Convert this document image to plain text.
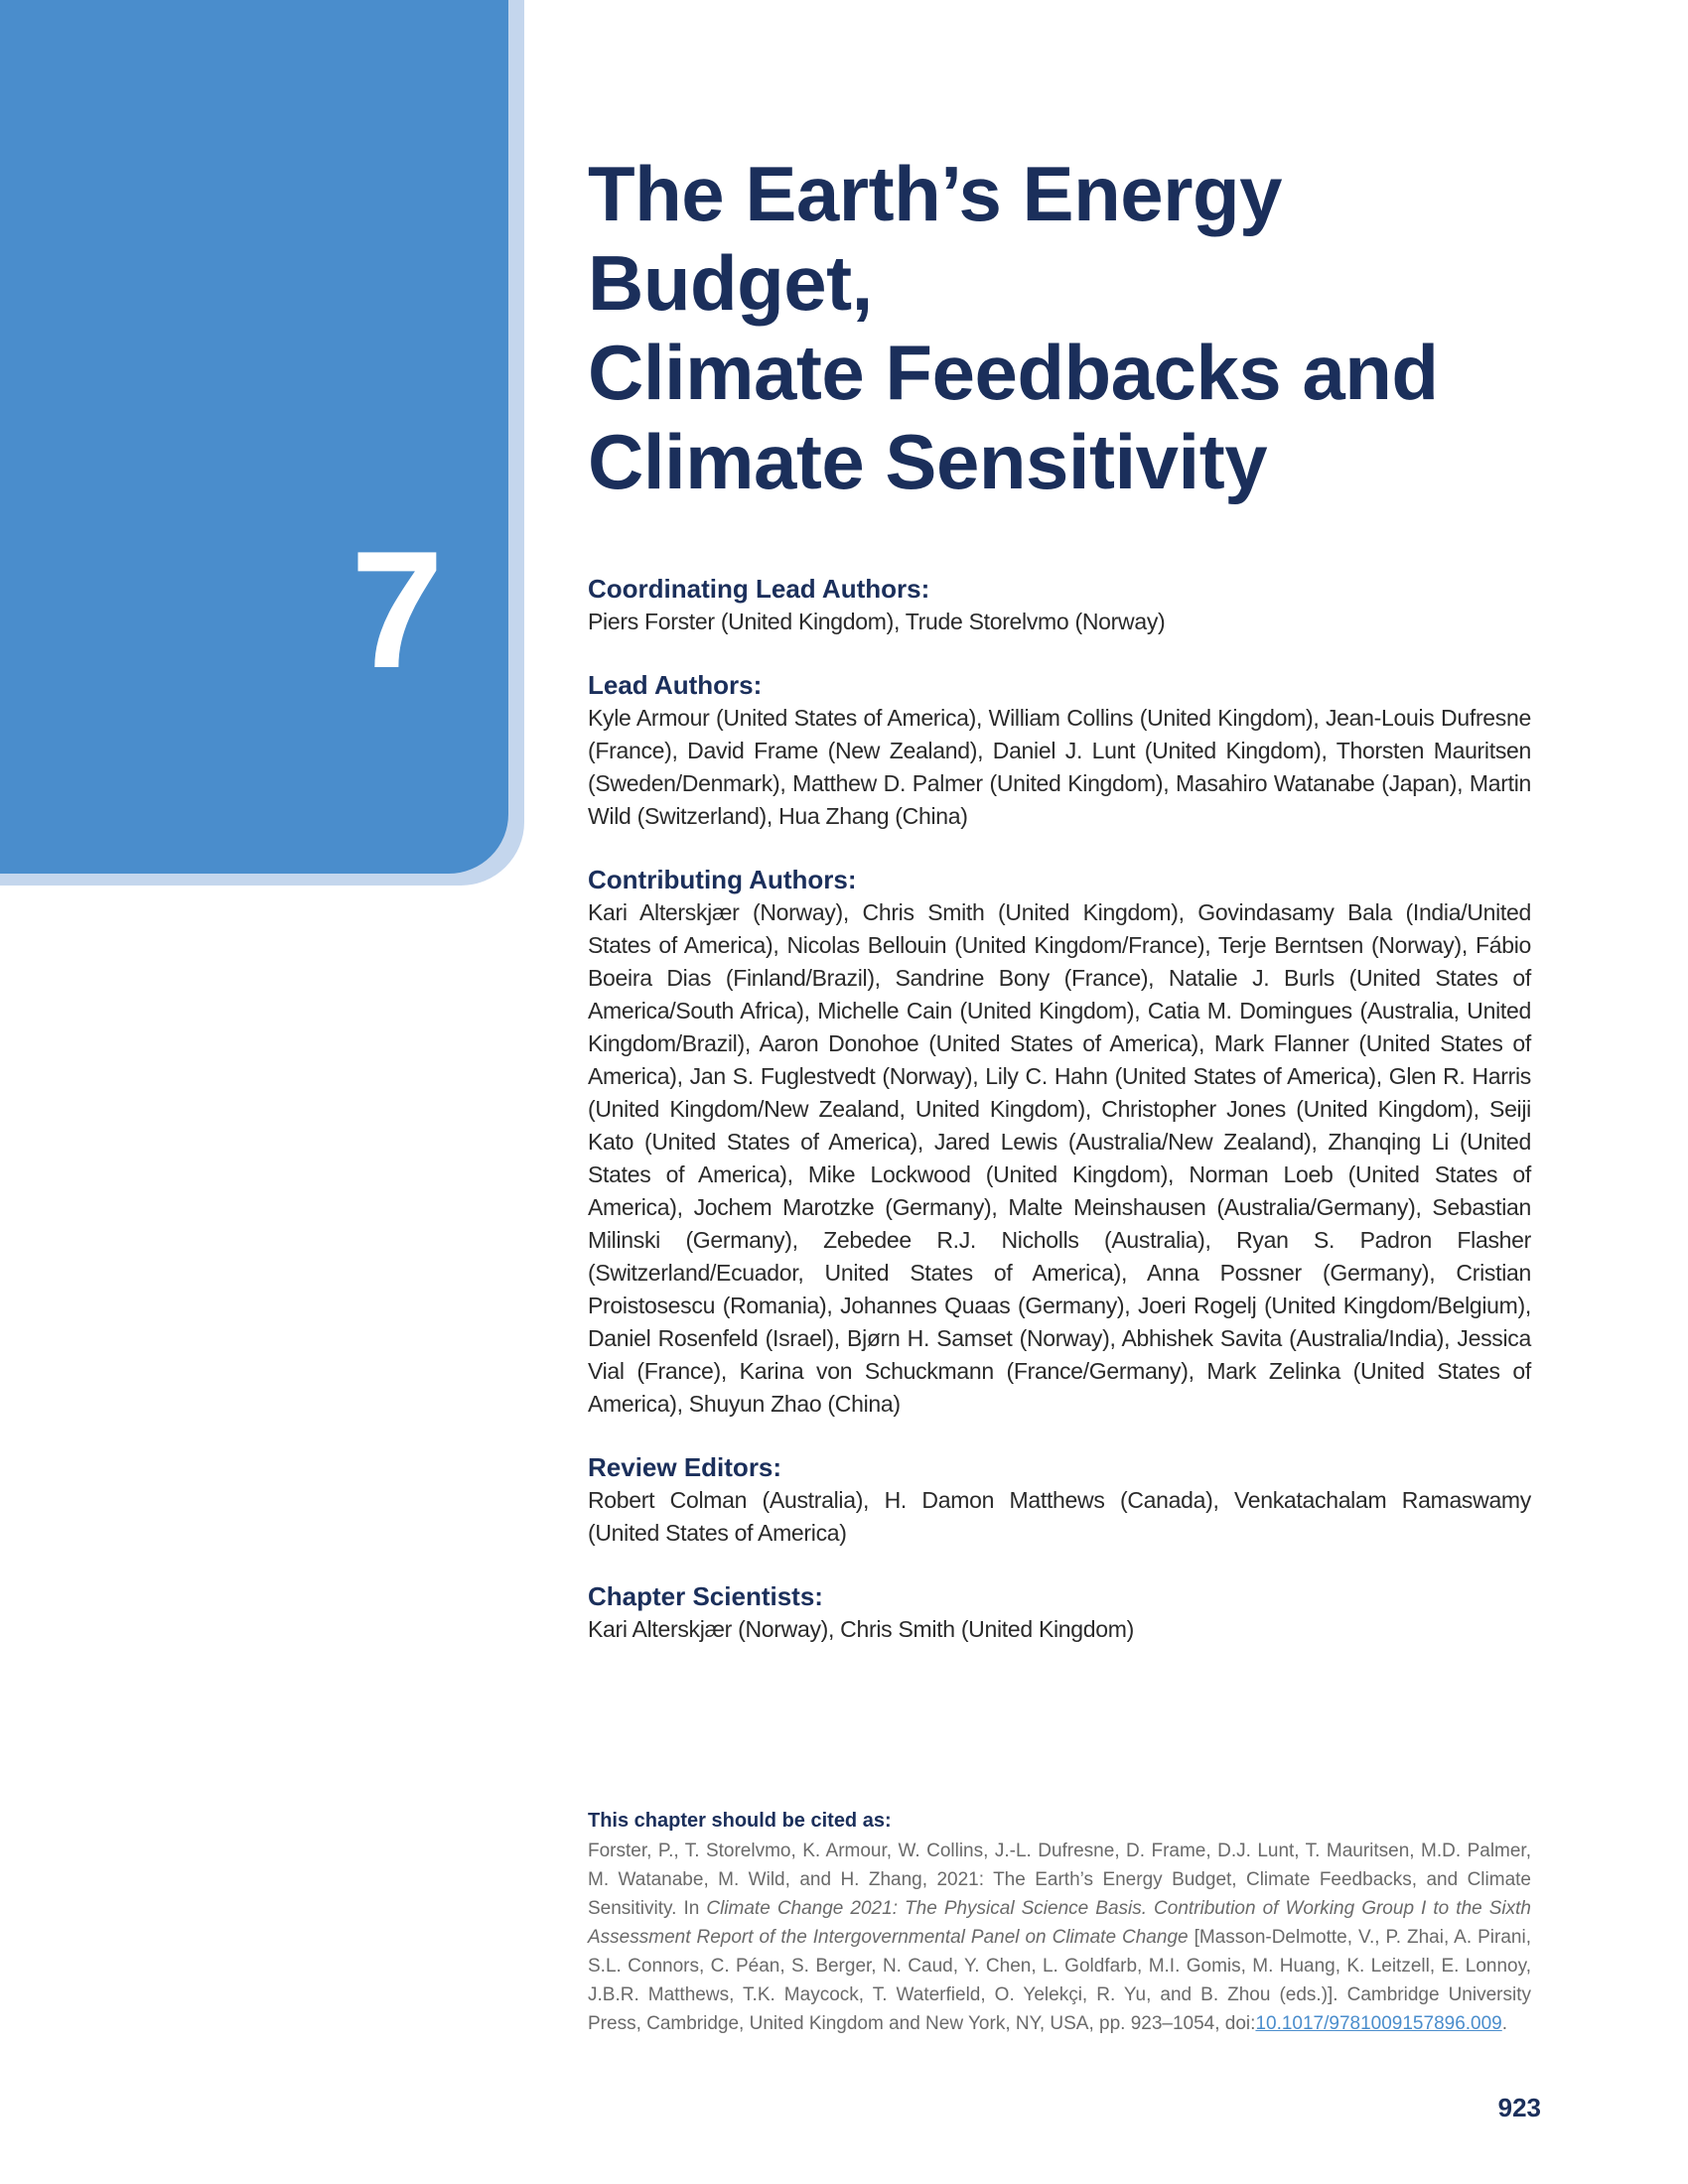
7
The Earth’s Energy Budget,
Climate Feedbacks and
Climate Sensitivity
Coordinating Lead Authors:

Piers Forster (United Kingdom), Trude Storelvmo (Norway)

Lead Authors:

Kyle Armour (United States of America), William Collins (United Kingdom), Jean-Louis Dufresne (France), David Frame (New Zealand), Daniel J. Lunt (United Kingdom), Thorsten Mauritsen (Sweden/Denmark), Matthew D. Palmer (United Kingdom), Masahiro Watanabe (Japan), Martin Wild (Switzerland), Hua Zhang (China)

Contributing Authors:

Kari Alterskjær (Norway), Chris Smith (United Kingdom), Govindasamy Bala (India/United States of America), Nicolas Bellouin (United Kingdom/France), Terje Berntsen (Norway), Fábio Boeira Dias (Finland/Brazil), Sandrine Bony (France), Natalie J. Burls (United States of America/South Africa), Michelle Cain (United Kingdom), Catia M. Domingues (Australia, United Kingdom/Brazil), Aaron Donohoe (United States of America), Mark Flanner (United States of America), Jan S. Fuglestvedt (Norway), Lily C. Hahn (United States of America), Glen R. Harris (United Kingdom/New Zealand, United Kingdom), Christopher Jones (United Kingdom), Seiji Kato (United States of America), Jared Lewis (Australia/New Zealand), Zhanqing Li (United States of America), Mike Lockwood (United Kingdom), Norman Loeb (United States of America), Jochem Marotzke (Germany), Malte Meinshausen (Australia/Germany), Sebastian Milinski (Germany), Zebedee R.J. Nicholls (Australia), Ryan S. Padron Flasher (Switzerland/Ecuador, United States of America), Anna Possner (Germany), Cristian Proistosescu (Romania), Johannes Quaas (Germany), Joeri Rogelj (United Kingdom/Belgium), Daniel Rosenfeld (Israel), Bjørn H. Samset (Norway), Abhishek Savita (Australia/India), Jessica Vial (France), Karina von Schuckmann (France/Germany), Mark Zelinka (United States of America), Shuyun Zhao (China)

Review Editors:

Robert Colman (Australia), H. Damon Matthews (Canada), Venkatachalam Ramaswamy (United States of America)

Chapter Scientists:

Kari Alterskjær (Norway), Chris Smith (United Kingdom)

This chapter should be cited as:

Forster, P., T. Storelvmo, K. Armour, W. Collins, J.-L. Dufresne, D. Frame, D.J. Lunt, T. Mauritsen, M.D. Palmer, M. Watanabe, M. Wild, and H. Zhang, 2021: The Earth’s Energy Budget, Climate Feedbacks, and Climate Sensitivity. In Climate Change 2021: The Physical Science Basis. Contribution of Working Group I to the Sixth Assessment Report of the Intergovernmental Panel on Climate Change [Masson-Delmotte, V., P. Zhai, A. Pirani, S.L. Connors, C. Péan, S. Berger, N. Caud, Y. Chen, L. Goldfarb, M.I. Gomis, M. Huang, K. Leitzell, E. Lonnoy, J.B.R. Matthews, T.K. Maycock, T. Waterfield, O. Yelekçi, R. Yu, and B. Zhou (eds.)]. Cambridge University Press, Cambridge, United Kingdom and New York, NY, USA, pp. 923–1054, doi:10.1017/9781009157896.009.

923
